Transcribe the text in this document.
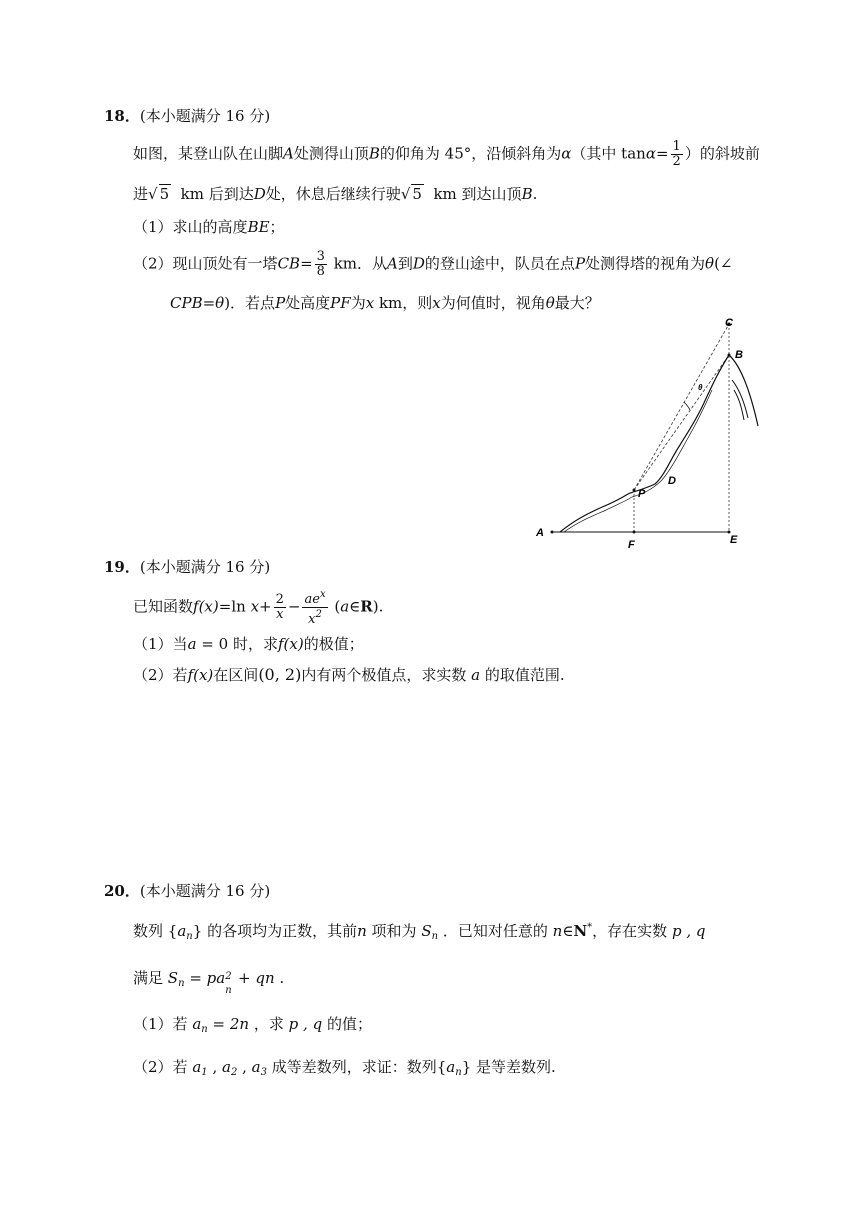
18．(本小题满分 16 分)
如图，某登山队在山脚A处测得山顶B的仰角为 45°，沿倾斜角为α（其中 $\tan\alpha= \frac{1}{2}$ ）的斜坡前
进√ 5 km 后到达D处，休息后继续行驶√ 5 km 到达山顶B.
（1）求山的高度BE；
（2）现山顶处有一塔$CB= \frac{3}{8}$ km．从A到D的登山途中，队员在点P处测得塔的视角为θ(∠
CPB=θ)．若点P处高度PF为x km，则x为何值时，视角θ最大？
C
B
D
P
A
F	E
θ
19．(本小题满分 16 分)
已知函数f(x)=ln $x+ \frac{2}{x} - \frac{ae^x}{x^2}$ (a∈R).
（1）当a = 0 时，求f(x)的极值；
（2）若f(x)在区间(0, 2)内有两个极值点，求实数 a 的取值范围.
20．(本小题满分 16 分)
数列 $\{a_n\}$ 的各项均为正数，其前n 项和为 $S_n$ ．已知对任意的 n∈N*，存在实数 p , q
满足 $S_n$ = pa 2
n
+ qn .
（1）若 $a_n = 2n$ ，求 p , q 的值；
（2）若 $a_1$ , $a_2$ , $a_3$ 成等差数列，求证：数列$\{a_n\}$ 是等差数列.
